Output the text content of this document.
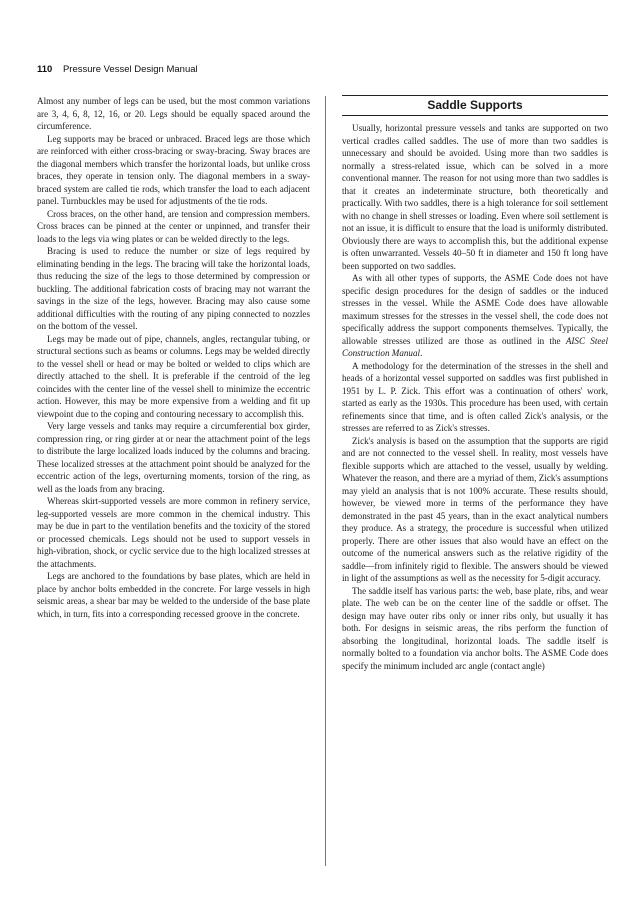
110 Pressure Vessel Design Manual

Almost any number of legs can be used, but the most common variations are 3, 4, 6, 8, 12, 16, or 20. Legs should be equally spaced around the circumference.

Leg supports may be braced or unbraced. Braced legs are those which are reinforced with either cross-bracing or sway-bracing. Sway braces are the diagonal members which transfer the horizontal loads, but unlike cross braces, they operate in tension only. The diagonal members in a sway-braced system are called tie rods, which transfer the load to each adjacent panel. Turnbuckles may be used for adjustments of the tie rods.

Cross braces, on the other hand, are tension and compression members. Cross braces can be pinned at the center or unpinned, and transfer their loads to the legs via wing plates or can be welded directly to the legs.

Bracing is used to reduce the number or size of legs required by eliminating bending in the legs. The bracing will take the horizontal loads, thus reducing the size of the legs to those determined by compression or buckling. The additional fabrication costs of bracing may not warrant the savings in the size of the legs, however. Bracing may also cause some additional difficulties with the routing of any piping connected to nozzles on the bottom of the vessel.

Legs may be made out of pipe, channels, angles, rectangular tubing, or structural sections such as beams or columns. Legs may be welded directly to the vessel shell or head or may be bolted or welded to clips which are directly attached to the shell. It is preferable if the centroid of the leg coincides with the center line of the vessel shell to minimize the eccentric action. However, this may be more expensive from a welding and fit up viewpoint due to the coping and contouring necessary to accomplish this.

Very large vessels and tanks may require a circumferential box girder, compression ring, or ring girder at or near the attachment point of the legs to distribute the large localized loads induced by the columns and bracing. These localized stresses at the attachment point should be analyzed for the eccentric action of the legs, overturning moments, torsion of the ring, as well as the loads from any bracing.

Whereas skirt-supported vessels are more common in refinery service, leg-supported vessels are more common in the chemical industry. This may be due in part to the ventilation benefits and the toxicity of the stored or processed chemicals. Legs should not be used to support vessels in high-vibration, shock, or cyclic service due to the high localized stresses at the attachments.

Legs are anchored to the foundations by base plates, which are held in place by anchor bolts embedded in the concrete. For large vessels in high seismic areas, a shear bar may be welded to the underside of the base plate which, in turn, fits into a corresponding recessed groove in the concrete.

Saddle Supports

Usually, horizontal pressure vessels and tanks are supported on two vertical cradles called saddles. The use of more than two saddles is unnecessary and should be avoided. Using more than two saddles is normally a stress-related issue, which can be solved in a more conventional manner. The reason for not using more than two saddles is that it creates an indeterminate structure, both theoretically and practically. With two saddles, there is a high tolerance for soil settlement with no change in shell stresses or loading. Even where soil settlement is not an issue, it is difficult to ensure that the load is uniformly distributed. Obviously there are ways to accomplish this, but the additional expense is often unwarranted. Vessels 40–50 ft in diameter and 150 ft long have been supported on two saddles.

As with all other types of supports, the ASME Code does not have specific design procedures for the design of saddles or the induced stresses in the vessel. While the ASME Code does have allowable maximum stresses for the stresses in the vessel shell, the code does not specifically address the support components themselves. Typically, the allowable stresses utilized are those as outlined in the AISC Steel Construction Manual.

A methodology for the determination of the stresses in the shell and heads of a horizontal vessel supported on saddles was first published in 1951 by L. P. Zick. This effort was a continuation of others' work, started as early as the 1930s. This procedure has been used, with certain refinements since that time, and is often called Zick's analysis, or the stresses are referred to as Zick's stresses.

Zick's analysis is based on the assumption that the supports are rigid and are not connected to the vessel shell. In reality, most vessels have flexible supports which are attached to the vessel, usually by welding. Whatever the reason, and there are a myriad of them, Zick's assumptions may yield an analysis that is not 100% accurate. These results should, however, be viewed more in terms of the performance they have demonstrated in the past 45 years, than in the exact analytical numbers they produce. As a strategy, the procedure is successful when utilized properly. There are other issues that also would have an effect on the outcome of the numerical answers such as the relative rigidity of the saddle—from infinitely rigid to flexible. The answers should be viewed in light of the assumptions as well as the necessity for 5-digit accuracy.

The saddle itself has various parts: the web, base plate, ribs, and wear plate. The web can be on the center line of the saddle or offset. The design may have outer ribs only or inner ribs only, but usually it has both. For designs in seismic areas, the ribs perform the function of absorbing the longitudinal, horizontal loads. The saddle itself is normally bolted to a foundation via anchor bolts. The ASME Code does specify the minimum included arc angle (contact angle)
